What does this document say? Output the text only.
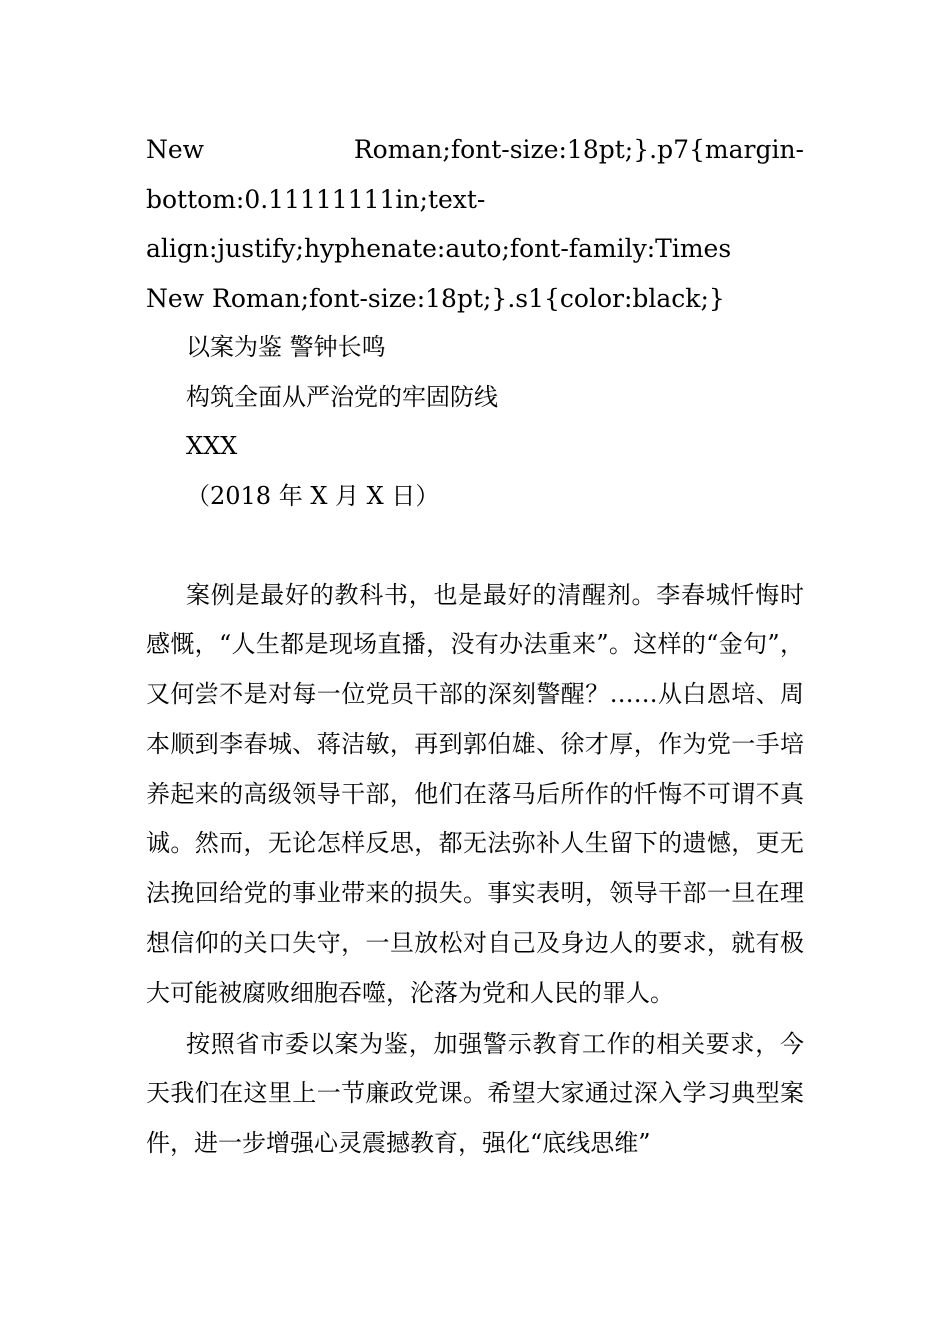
New	Roman;font-size:18pt;}.p7{margin-
bottom:0.11111111in;text-
align:justify;hyphenate:auto;font-family:Times
New Roman;font-size:18pt;}.s1{color:black;}
以案为鉴 警钟长鸣
构筑全面从严治党的牢固防线
XXX
（2018 年 X 月 X 日）

案例是最好的教科书，也是最好的清醒剂。李春城忏悔时感慨，“人生都是现场直播，没有办法重来”。这样的“金句”，又何尝不是对每一位党员干部的深刻警醒？……从白恩培、周本顺到李春城、蒋洁敏，再到郭伯雄、徐才厚，作为党一手培养起来的高级领导干部，他们在落马后所作的忏悔不可谓不真诚。然而，无论怎样反思，都无法弥补人生留下的遗憾，更无法挽回给党的事业带来的损失。事实表明，领导干部一旦在理想信仰的关口失守，一旦放松对自己及身边人的要求，就有极大可能被腐败细胞吞噬，沦落为党和人民的罪人。

按照省市委以案为鉴，加强警示教育工作的相关要求，今天我们在这里上一节廉政党课。希望大家通过深入学习典型案件，进一步增强心灵震撼教育，强化“底线思维”
